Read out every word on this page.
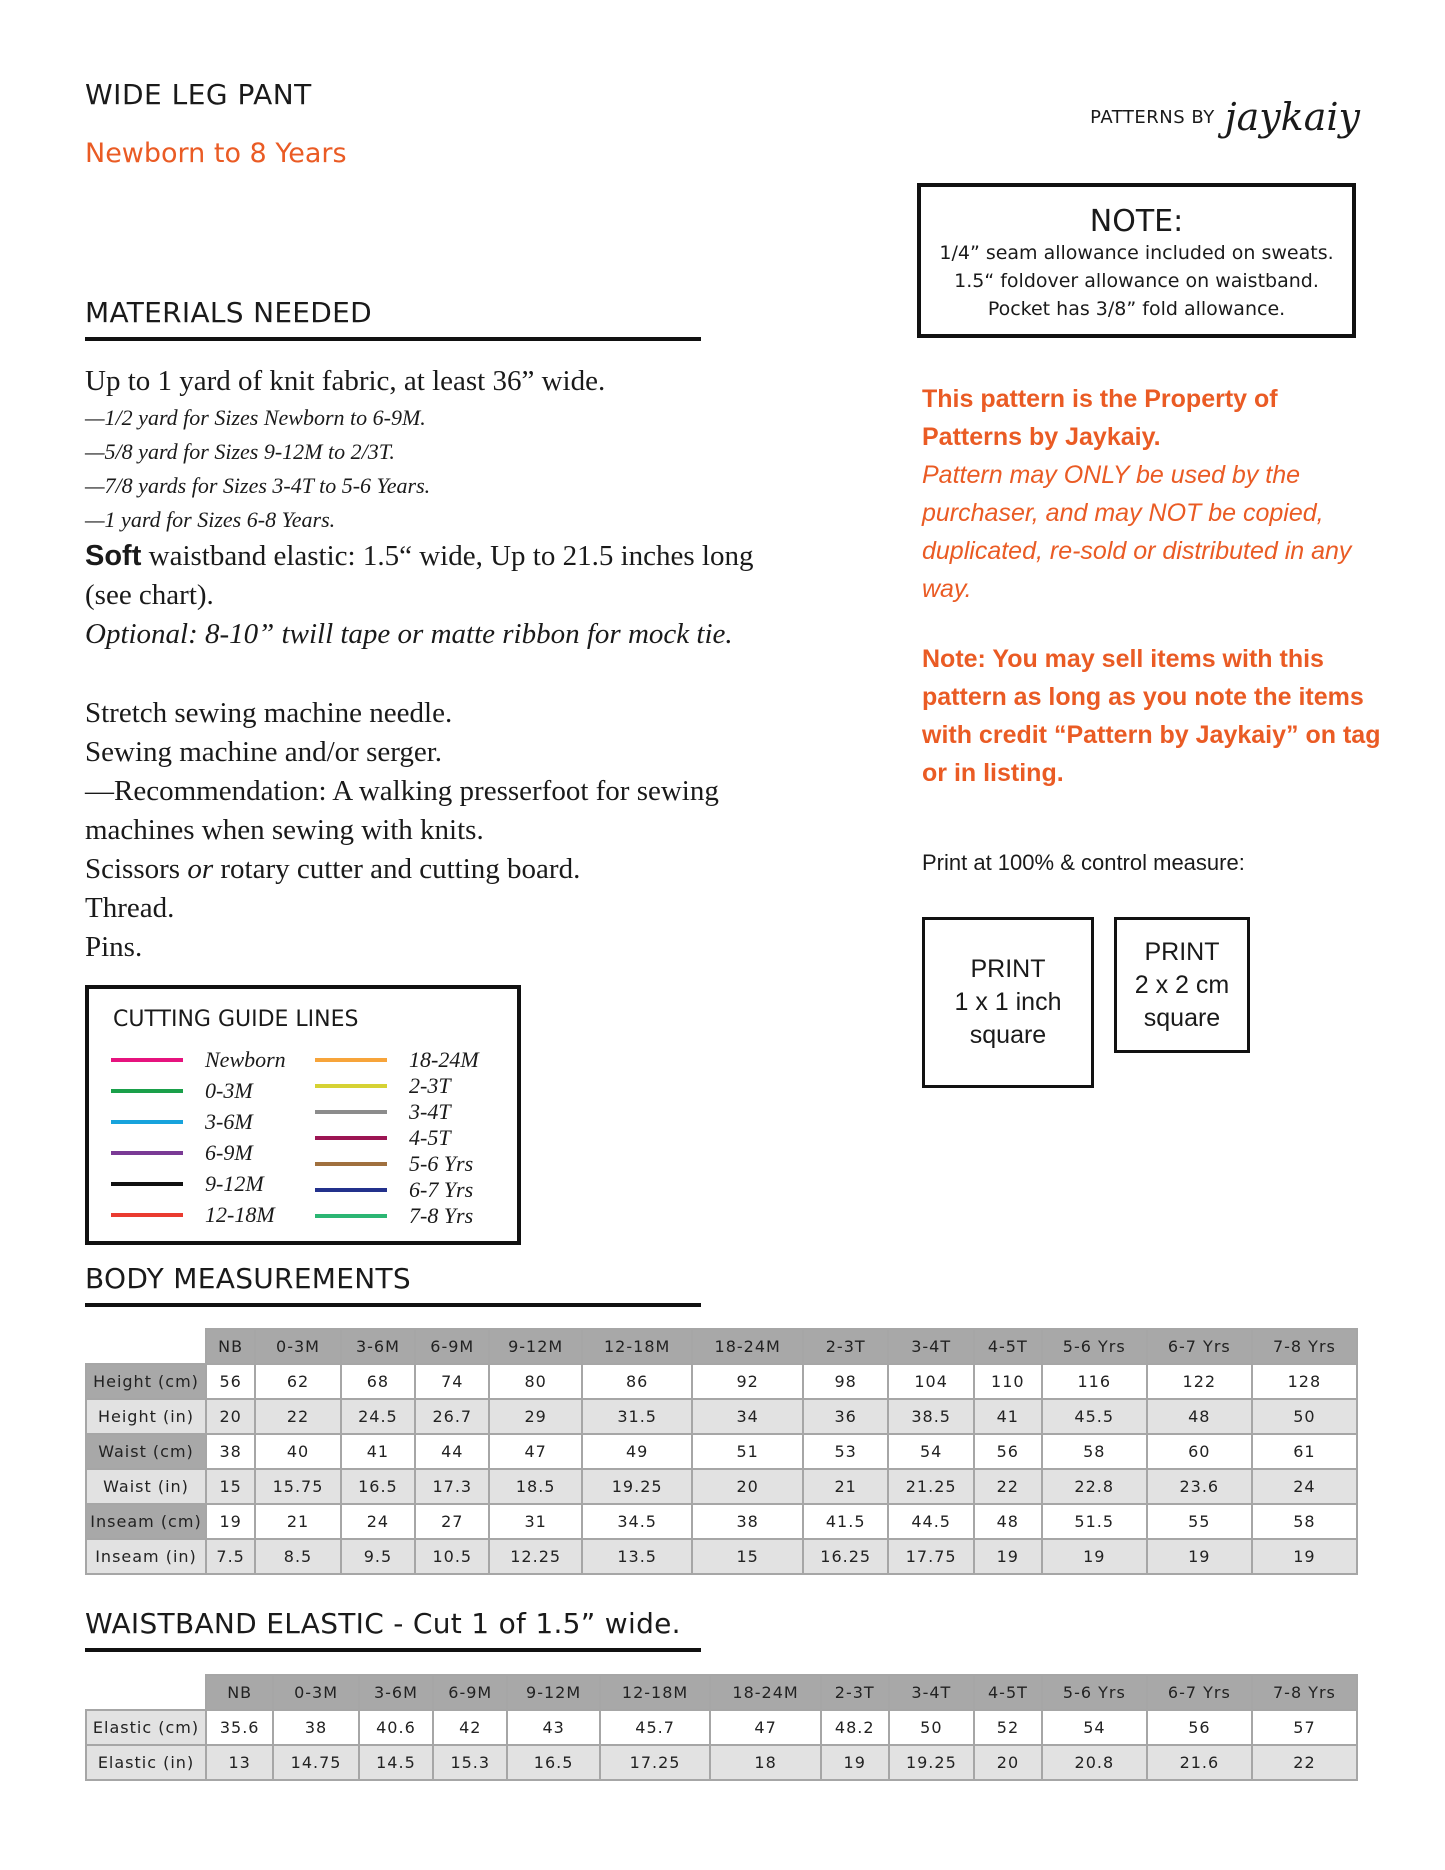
WIDE LEG PANT
Newborn to 8 Years
PATTERNS BY jaykaiy
NOTE:
1/4” seam allowance included on sweats.
1.5“ foldover allowance on waistband.
Pocket has 3/8” fold allowance.
MATERIALS NEEDED
Up to 1 yard of knit fabric, at least 36” wide.
—1/2 yard for Sizes Newborn to 6-9M.
—5/8 yard for Sizes 9-12M to 2/3T.
—7/8 yards for Sizes 3-4T to 5-6 Years.
—1 yard for Sizes 6-8 Years.
Soft waistband elastic: 1.5“ wide, Up to 21.5 inches long (see chart).
Optional: 8-10” twill tape or matte ribbon for mock tie.
Stretch sewing machine needle.
Sewing machine and/or serger.
—Recommendation: A walking presserfoot for sewing machines when sewing with knits.
Scissors or rotary cutter and cutting board.
Thread.
Pins.
This pattern is the Property of
Patterns by Jaykaiy.
Pattern may ONLY be used by the purchaser, and may NOT be copied, duplicated, re-sold or distributed in any way.
Note: You may sell items with this pattern as long as you note the items with credit “Pattern by Jaykaiy” on tag or in listing.
Print at 100% & control measure:
PRINT
1 x 1 inch
square
PRINT
2 x 2 cm
square
CUTTING GUIDE LINES
Newborn
0-3M
3-6M
6-9M
9-12M
12-18M
18-24M
2-3T
3-4T
4-5T
5-6 Yrs
6-7 Yrs
7-8 Yrs
BODY MEASUREMENTS
	NB	0-3M	3-6M	6-9M	9-12M	12-18M	18-24M	2-3T	3-4T	4-5T	5-6 Yrs	6-7 Yrs	7-8 Yrs
Height (cm)	56	62	68	74	80	86	92	98	104	110	116	122	128
Height (in)	20	22	24.5	26.7	29	31.5	34	36	38.5	41	45.5	48	50
Waist (cm)	38	40	41	44	47	49	51	53	54	56	58	60	61
Waist (in)	15	15.75	16.5	17.3	18.5	19.25	20	21	21.25	22	22.8	23.6	24
Inseam (cm)	19	21	24	27	31	34.5	38	41.5	44.5	48	51.5	55	58
Inseam (in)	7.5	8.5	9.5	10.5	12.25	13.5	15	16.25	17.75	19	19	19	19
WAISTBAND ELASTIC - Cut 1 of 1.5” wide.
	NB	0-3M	3-6M	6-9M	9-12M	12-18M	18-24M	2-3T	3-4T	4-5T	5-6 Yrs	6-7 Yrs	7-8 Yrs
Elastic (cm)	35.6	38	40.6	42	43	45.7	47	48.2	50	52	54	56	57
Elastic (in)	13	14.75	14.5	15.3	16.5	17.25	18	19	19.25	20	20.8	21.6	22
